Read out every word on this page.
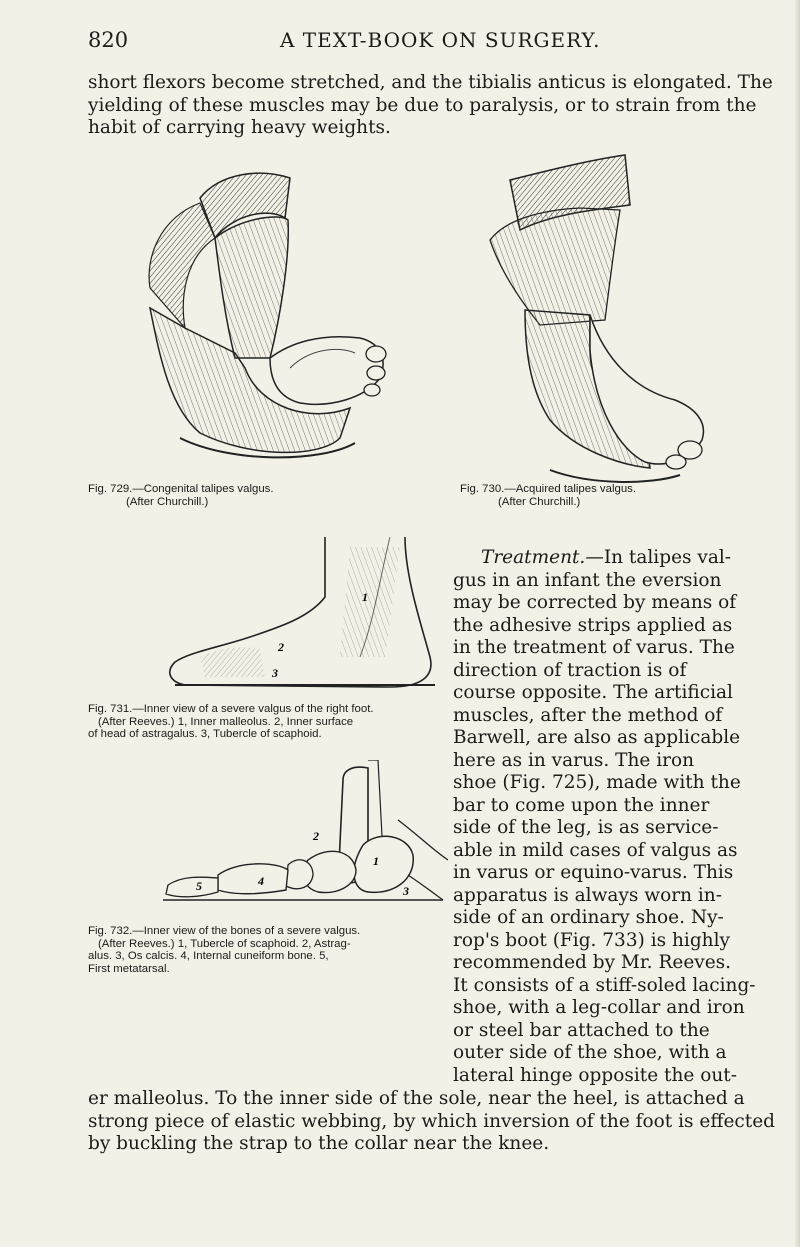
820	A TEXT-BOOK ON SURGERY.
short flexors become stretched, and the tibialis anticus is elongated. The
yielding of these muscles may be due to paralysis, or to strain from the
habit of carrying heavy weights.
Fig. 729.—Congenital talipes valgus.
(After Churchill.)
Fig. 730.—Acquired talipes valgus.
(After Churchill.)
1
2
3
Fig. 731.—Inner view of a severe valgus of the right foot.
(After Reeves.) 1, Inner malleolus. 2, Inner surface
of head of astragalus. 3, Tubercle of scaphoid.
1
2
3
4
5
Fig. 732.—Inner view of the bones of a severe valgus.
(After Reeves.) 1, Tubercle of scaphoid. 2, Astrag-
alus. 3, Os calcis. 4, Internal cuneiform bone. 5,
First metatarsal.
Treatment.—In talipes val-
gus in an infant the eversion
may be corrected by means of
the adhesive strips applied as
in the treatment of varus. The
direction of traction is of
course opposite. The artificial
muscles, after the method of
Barwell, are also as applicable
here as in varus. The iron
shoe (Fig. 725), made with the
bar to come upon the inner
side of the leg, is as service-
able in mild cases of valgus as
in varus or equino-varus. This
apparatus is always worn in-
side of an ordinary shoe. Ny-
rop's boot (Fig. 733) is highly
recommended by Mr. Reeves.
It consists of a stiff-soled lacing-
shoe, with a leg-collar and iron
or steel bar attached to the
outer side of the shoe, with a
lateral hinge opposite the out-
er malleolus. To the inner side of the sole, near the heel, is attached a
strong piece of elastic webbing, by which inversion of the foot is effected
by buckling the strap to the collar near the knee.
